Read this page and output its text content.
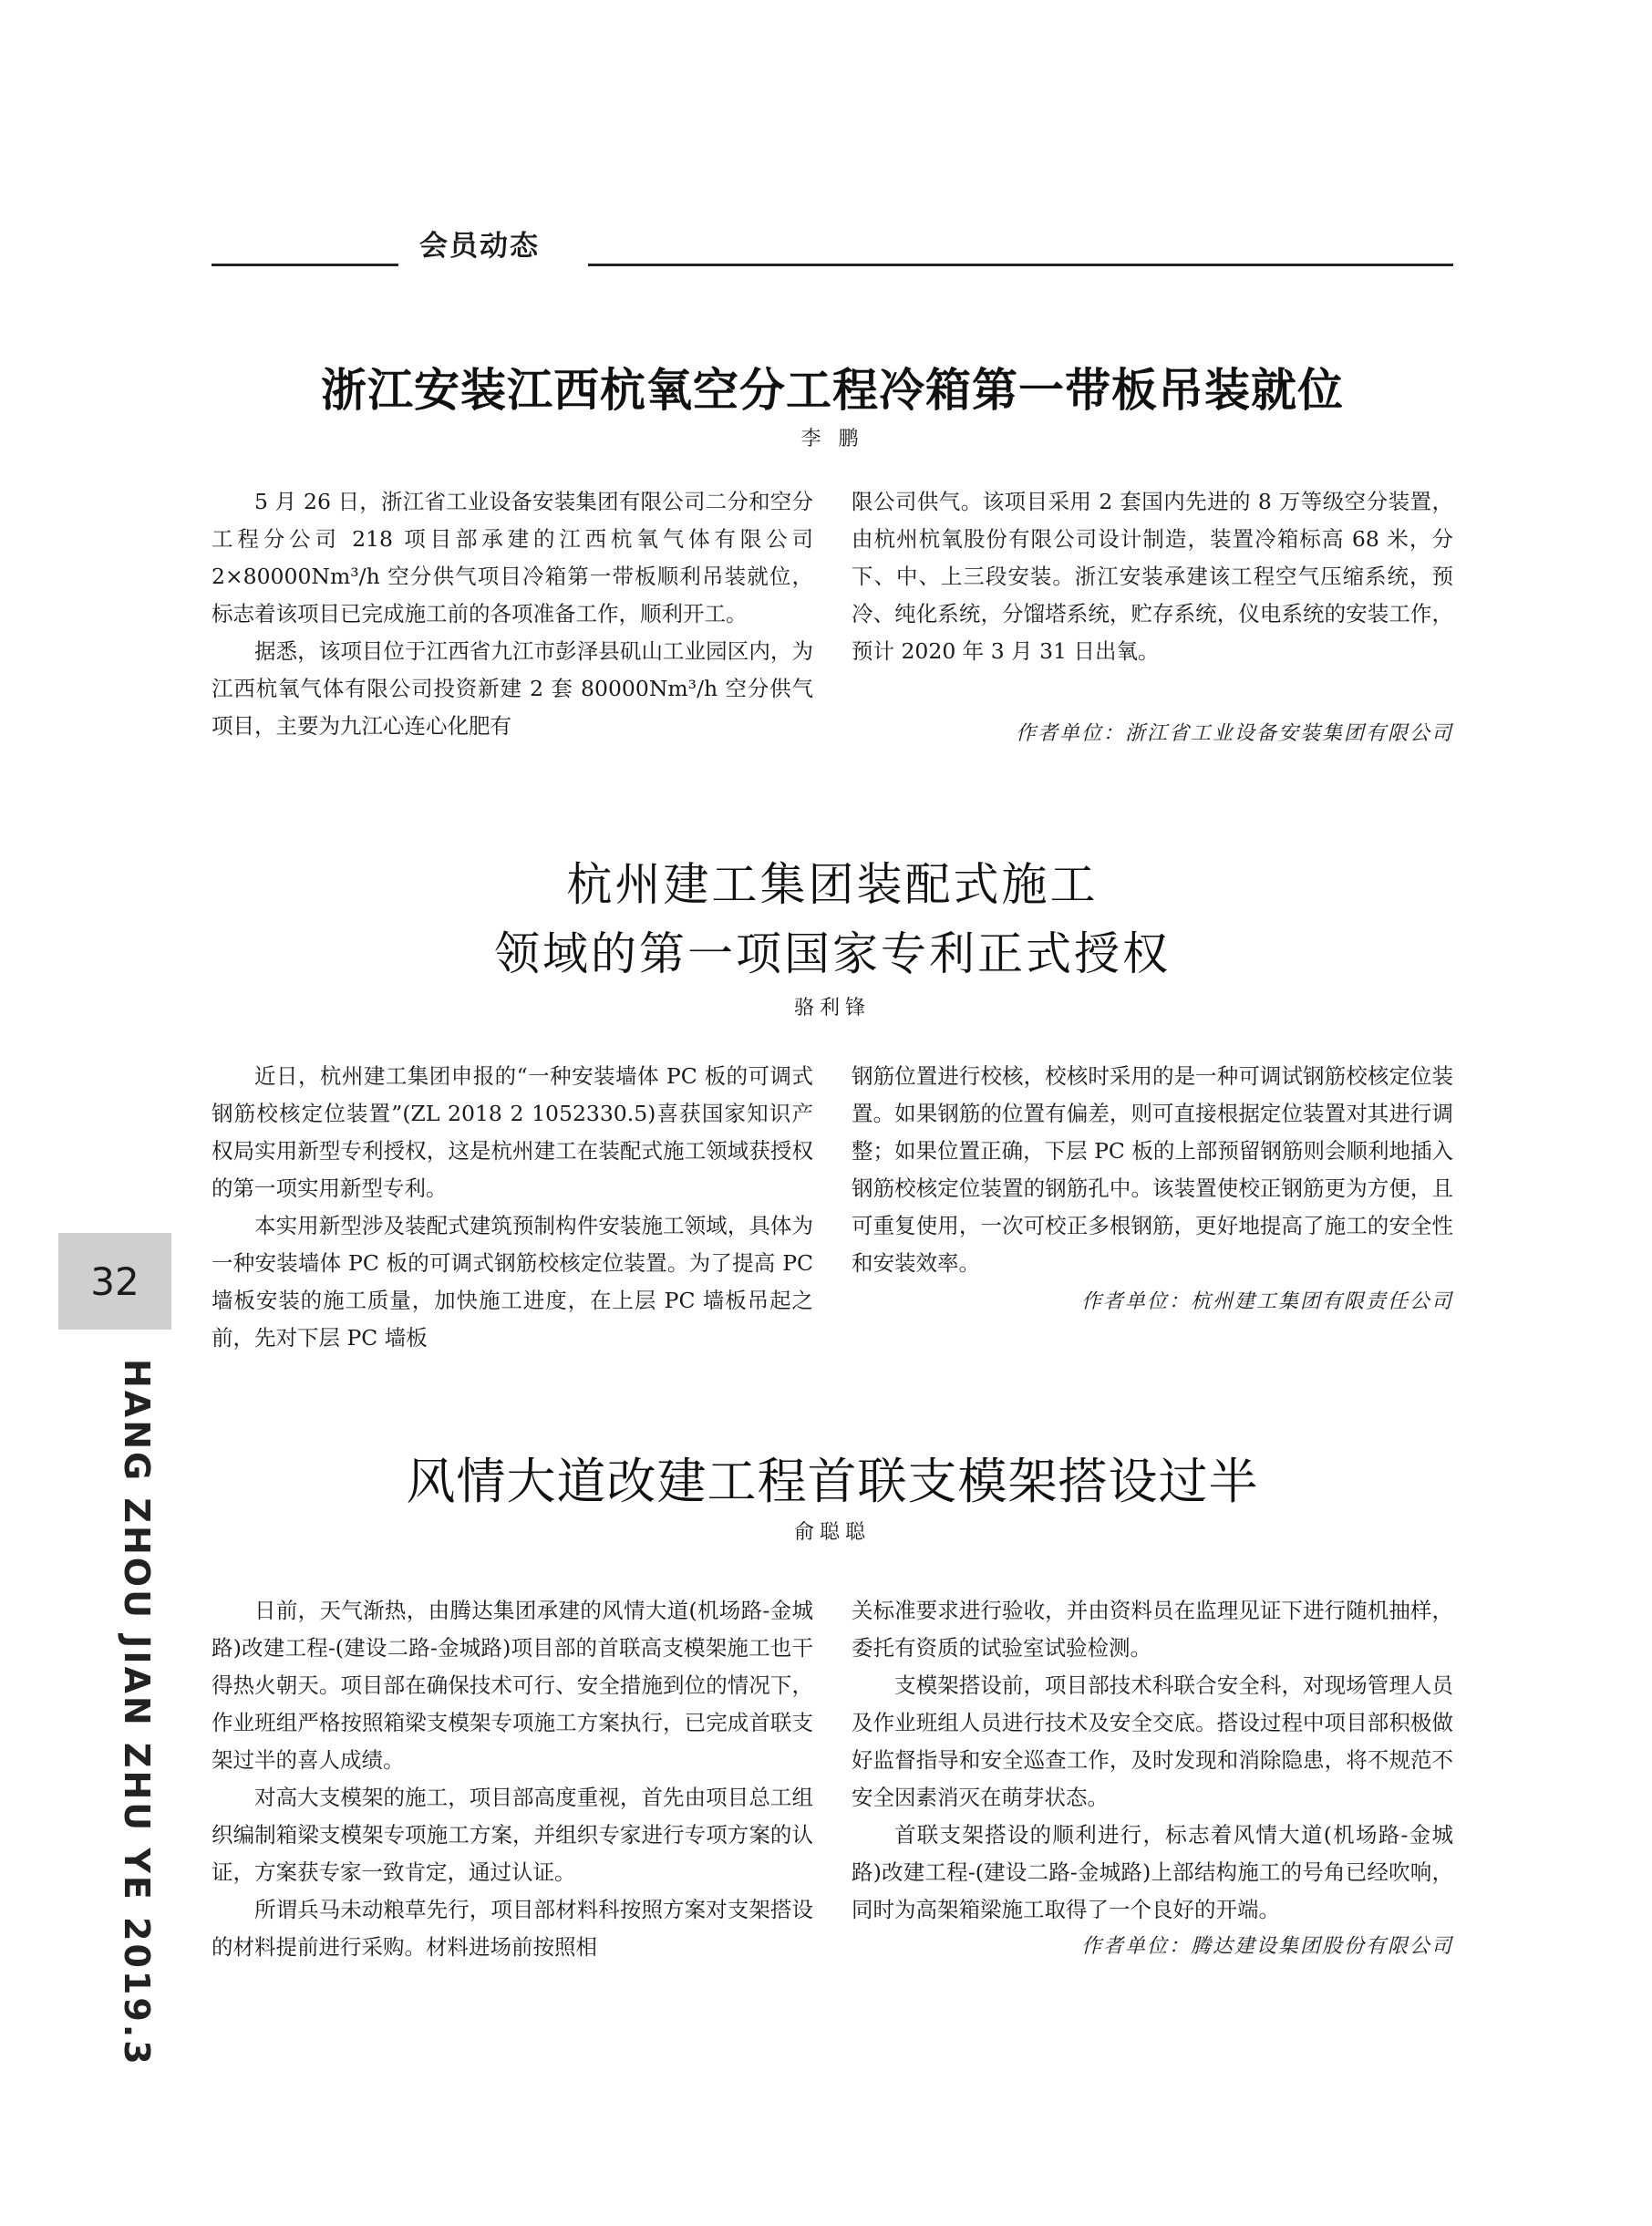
会员动态
浙江安装江西杭氧空分工程冷箱第一带板吊装就位
李 鹏

5 月 26 日，浙江省工业设备安装集团有限公司二分和空分工程分公司 218 项目部承建的江西杭氧气体有限公司 2×80000Nm³/h 空分供气项目冷箱第一带板顺利吊装就位，标志着该项目已完成施工前的各项准备工作，顺利开工。

据悉，该项目位于江西省九江市彭泽县矶山工业园区内，为江西杭氧气体有限公司投资新建 2 套 80000Nm³/h 空分供气项目，主要为九江心连心化肥有

限公司供气。该项目采用 2 套国内先进的 8 万等级空分装置，由杭州杭氧股份有限公司设计制造，装置冷箱标高 68 米，分下、中、上三段安装。浙江安装承建该工程空气压缩系统，预冷、纯化系统，分馏塔系统，贮存系统，仪电系统的安装工作，预计 2020 年 3 月 31 日出氧。

作者单位：浙江省工业设备安装集团有限公司
杭州建工集团装配式施工
领域的第一项国家专利正式授权
骆利锋

近日，杭州建工集团申报的“一种安装墙体 PC 板的可调式钢筋校核定位装置”(ZL 2018 2 1052330.5)喜获国家知识产权局实用新型专利授权，这是杭州建工在装配式施工领域获授权的第一项实用新型专利。

本实用新型涉及装配式建筑预制构件安装施工领域，具体为一种安装墙体 PC 板的可调式钢筋校核定位装置。为了提高 PC 墙板安装的施工质量，加快施工进度，在上层 PC 墙板吊起之前，先对下层 PC 墙板

钢筋位置进行校核，校核时采用的是一种可调试钢筋校核定位装置。如果钢筋的位置有偏差，则可直接根据定位装置对其进行调整；如果位置正确，下层 PC 板的上部预留钢筋则会顺利地插入钢筋校核定位装置的钢筋孔中。该装置使校正钢筋更为方便，且可重复使用，一次可校正多根钢筋，更好地提高了施工的安全性和安装效率。

作者单位：杭州建工集团有限责任公司
风情大道改建工程首联支模架搭设过半
俞聪聪

日前，天气渐热，由腾达集团承建的风情大道(机场路-金城路)改建工程-(建设二路-金城路)项目部的首联高支模架施工也干得热火朝天。项目部在确保技术可行、安全措施到位的情况下，作业班组严格按照箱梁支模架专项施工方案执行，已完成首联支架过半的喜人成绩。

对高大支模架的施工，项目部高度重视，首先由项目总工组织编制箱梁支模架专项施工方案，并组织专家进行专项方案的认证，方案获专家一致肯定，通过认证。

所谓兵马未动粮草先行，项目部材料科按照方案对支架搭设的材料提前进行采购。材料进场前按照相

关标准要求进行验收，并由资料员在监理见证下进行随机抽样，委托有资质的试验室试验检测。

支模架搭设前，项目部技术科联合安全科，对现场管理人员及作业班组人员进行技术及安全交底。搭设过程中项目部积极做好监督指导和安全巡查工作，及时发现和消除隐患，将不规范不安全因素消灭在萌芽状态。

首联支架搭设的顺利进行，标志着风情大道(机场路-金城路)改建工程-(建设二路-金城路)上部结构施工的号角已经吹响，同时为高架箱梁施工取得了一个良好的开端。

作者单位：腾达建设集团股份有限公司
32
HANG ZHOU JIAN ZHU YE 2019.3
